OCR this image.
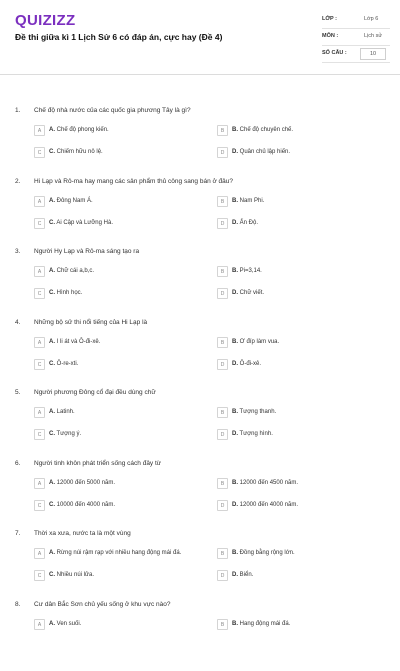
QUIZIZZ
Đề thi giữa kì 1 Lịch Sử 6 có đáp án, cực hay (Đề 4)
LỚP :	Lớp 6
MÔN :	Lịch sử
SỐ CÂU :	10
1. Chế độ nhà nước của các quốc gia phương Tây là gì?
A	A. Chế độ phong kiến.	B	B. Chế độ chuyên chế.
C	C. Chiếm hữu nô lệ.	D	D. Quân chủ lập hiến.
2. Hi Lạp và Rô-ma hay mang các sản phẩm thủ công sang bán ở đâu?
A	A. Đông Nam Á.	B	B. Nam Phi.
C	C. Ai Cập và Lưỡng Hà.	D	D. Ấn Độ.
3. Người Hy Lạp và Rô-ma sáng tạo ra
A	A. Chữ cái a,b,c.	B	B. Pi=3,14.
C	C. Hình học.	D	D. Chữ viết.
4. Những bộ sử thi nổi tiếng của Hi Lạp là
A	A. I li át và Ô-đi-xê.	B	B. Ơ đíp làm vua.
C	C. Ô-re-xti.	D	D. Ô-đi-xê.
5. Người phương Đông cổ đại đều dùng chữ
A	A. Latinh.	B	B. Tượng thanh.
C	C. Tượng ý.	D	D. Tượng hình.
6. Người tinh khôn phát triển sống cách đây từ
A	A. 12000 đến 5000 năm.	B	B. 12000 đến 4500 năm.
C	C. 10000 đến 4000 năm.	D	D. 12000 đến 4000 năm.
7. Thời xa xưa, nước ta là một vùng
A	A. Rừng núi rậm rạp với nhiều hang động mái đá.	B	B. Đồng bằng rộng lớn.
C	C. Nhiều núi lửa.	D	D. Biển.
8. Cư dân Bắc Sơn chủ yếu sống ở khu vực nào?
A	A. Ven suối.	B	B. Hang động mái đá.
